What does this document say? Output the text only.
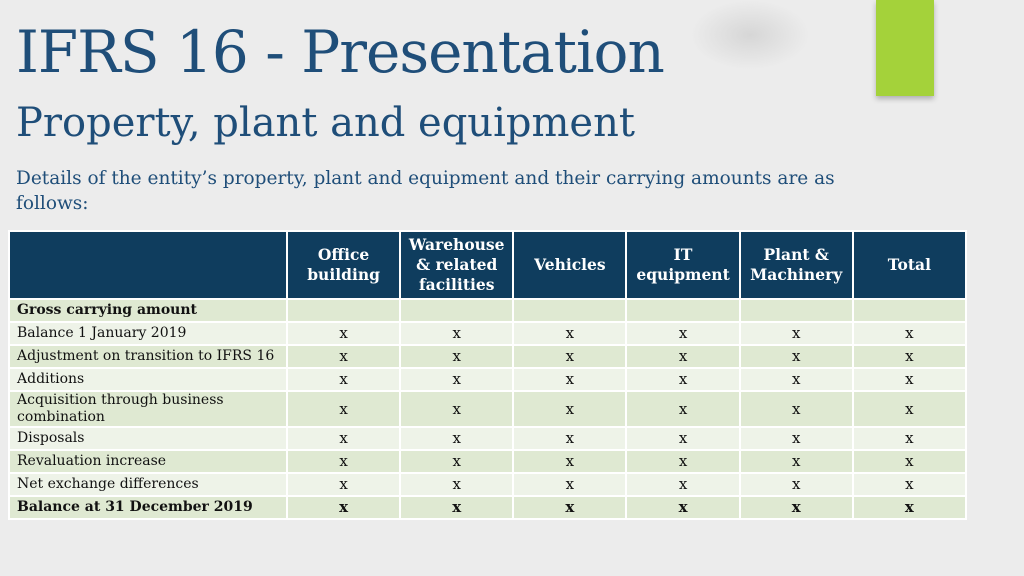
IFRS 16 - Presentation
Property, plant and equipment
Details of the entity’s property, plant and equipment and their carrying amounts are as follows:
	Office building	Warehouse & related facilities	Vehicles	IT equipment	Plant & Machinery	Total
Gross carrying amount						
Balance 1 January 2019	x	x	x	x	x	x
Adjustment on transition to IFRS 16	x	x	x	x	x	x
Additions	x	x	x	x	x	x
Acquisition through business combination	x	x	x	x	x	x
Disposals	x	x	x	x	x	x
Revaluation increase	x	x	x	x	x	x
Net exchange differences	x	x	x	x	x	x
Balance at 31 December 2019	x	x	x	x	x	x
